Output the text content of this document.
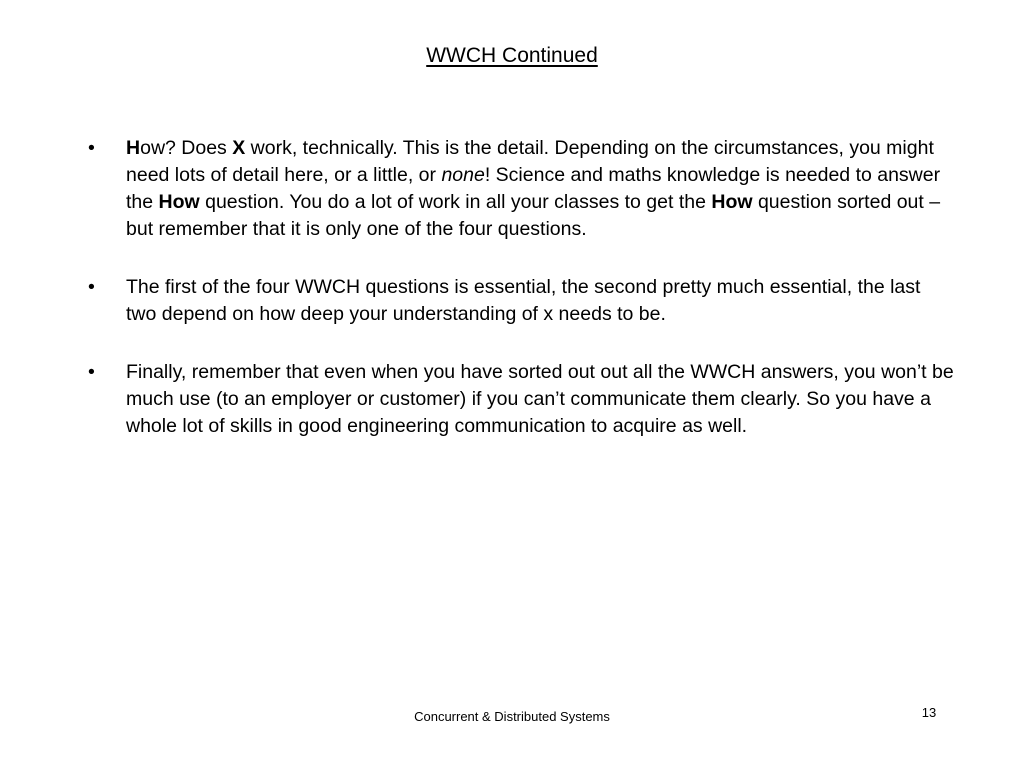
WWCH Continued
• How? Does X work, technically. This is the detail. Depending on the circumstances, you might need lots of detail here, or a little, or none! Science and maths knowledge is needed to answer the How question. You do a lot of work in all your classes to get the How question sorted out – but remember that it is only one of the four questions.
• The first of the four WWCH questions is essential, the second pretty much essential, the last two depend on how deep your understanding of x needs to be.
• Finally, remember that even when you have sorted out out all the WWCH answers, you won’t be much use (to an employer or customer) if you can’t communicate them clearly. So you have a whole lot of skills in good engineering communication to acquire as well.
Concurrent & Distributed Systems	13
